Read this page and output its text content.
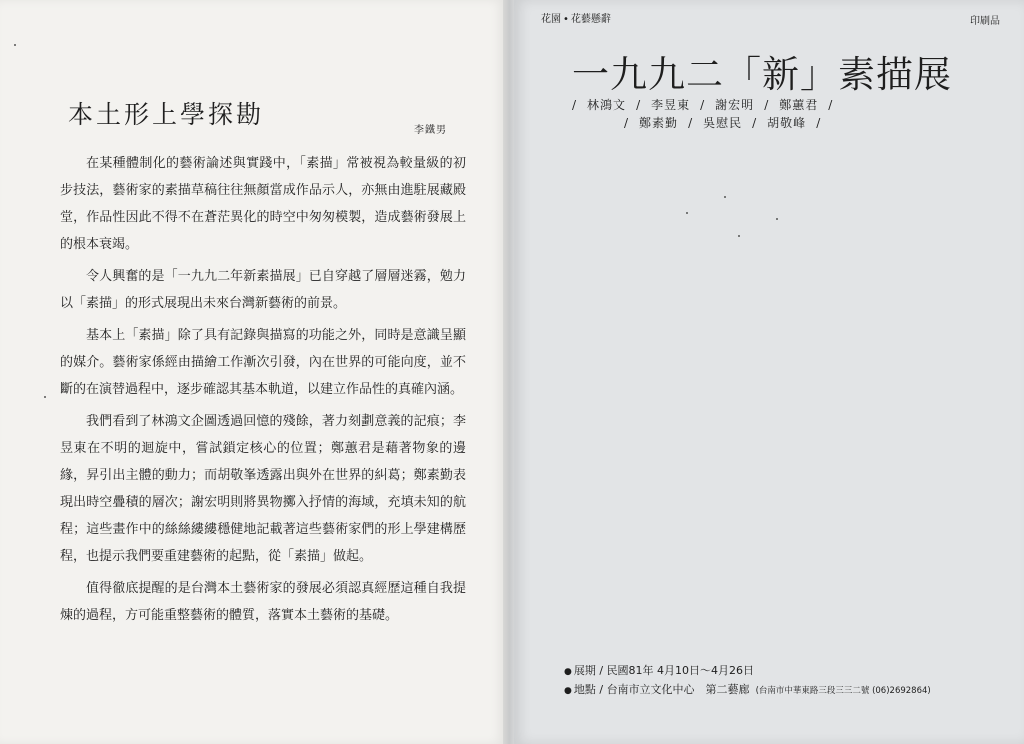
本土形上學探勘
李鐵男

在某種體制化的藝術論述與實踐中，「素描」常被視為較量級的初步技法，藝術家的素描草稿往往無顏當成作品示人，亦無由進駐展藏殿堂，作品性因此不得不在蒼茫異化的時空中匆匆模製，造成藝術發展上的根本衰竭。

令人興奮的是「一九九二年新素描展」已自穿越了層層迷霧，勉力以「素描」的形式展現出未來台灣新藝術的前景。

基本上「素描」除了具有記錄與描寫的功能之外，同時是意識呈顯的媒介。藝術家係經由描繪工作漸次引發，內在世界的可能向度，並不斷的在演替過程中，逐步確認其基本軌道，以建立作品性的真確內涵。

我們看到了林鴻文企圖透過回憶的殘餘，著力刻劃意義的記痕；李昱東在不明的迴旋中，嘗試鎖定核心的位置；鄭蕙君是藉著物象的邊緣，昇引出主體的動力；而胡敬峯透露出與外在世界的糾葛；鄭素勤表現出時空疊積的層次；謝宏明則將異物擲入抒情的海域，充填未知的航程；這些畫作中的絲絲縷縷穩健地記載著這些藝術家們的形上學建構歷程，也提示我們要重建藝術的起點，從「素描」做起。

值得徹底提醒的是台灣本土藝術家的發展必須認真經歷這種自我提煉的過程，方可能重整藝術的體質，落實本土藝術的基礎。

花園 • 花藝懸辭	印刷品
一九九二「新」素描展
/ 林鴻文 / 李昱東 / 謝宏明 / 鄭蕙君 /
/ 鄭素勤 / 吳慰民 / 胡敬峰 /
● 展期 / 民國81年 4月10日～4月26日
● 地點 / 台南市立文化中心　第二藝廊 (台南市中華東路三段三三二號 (06)2692864)
